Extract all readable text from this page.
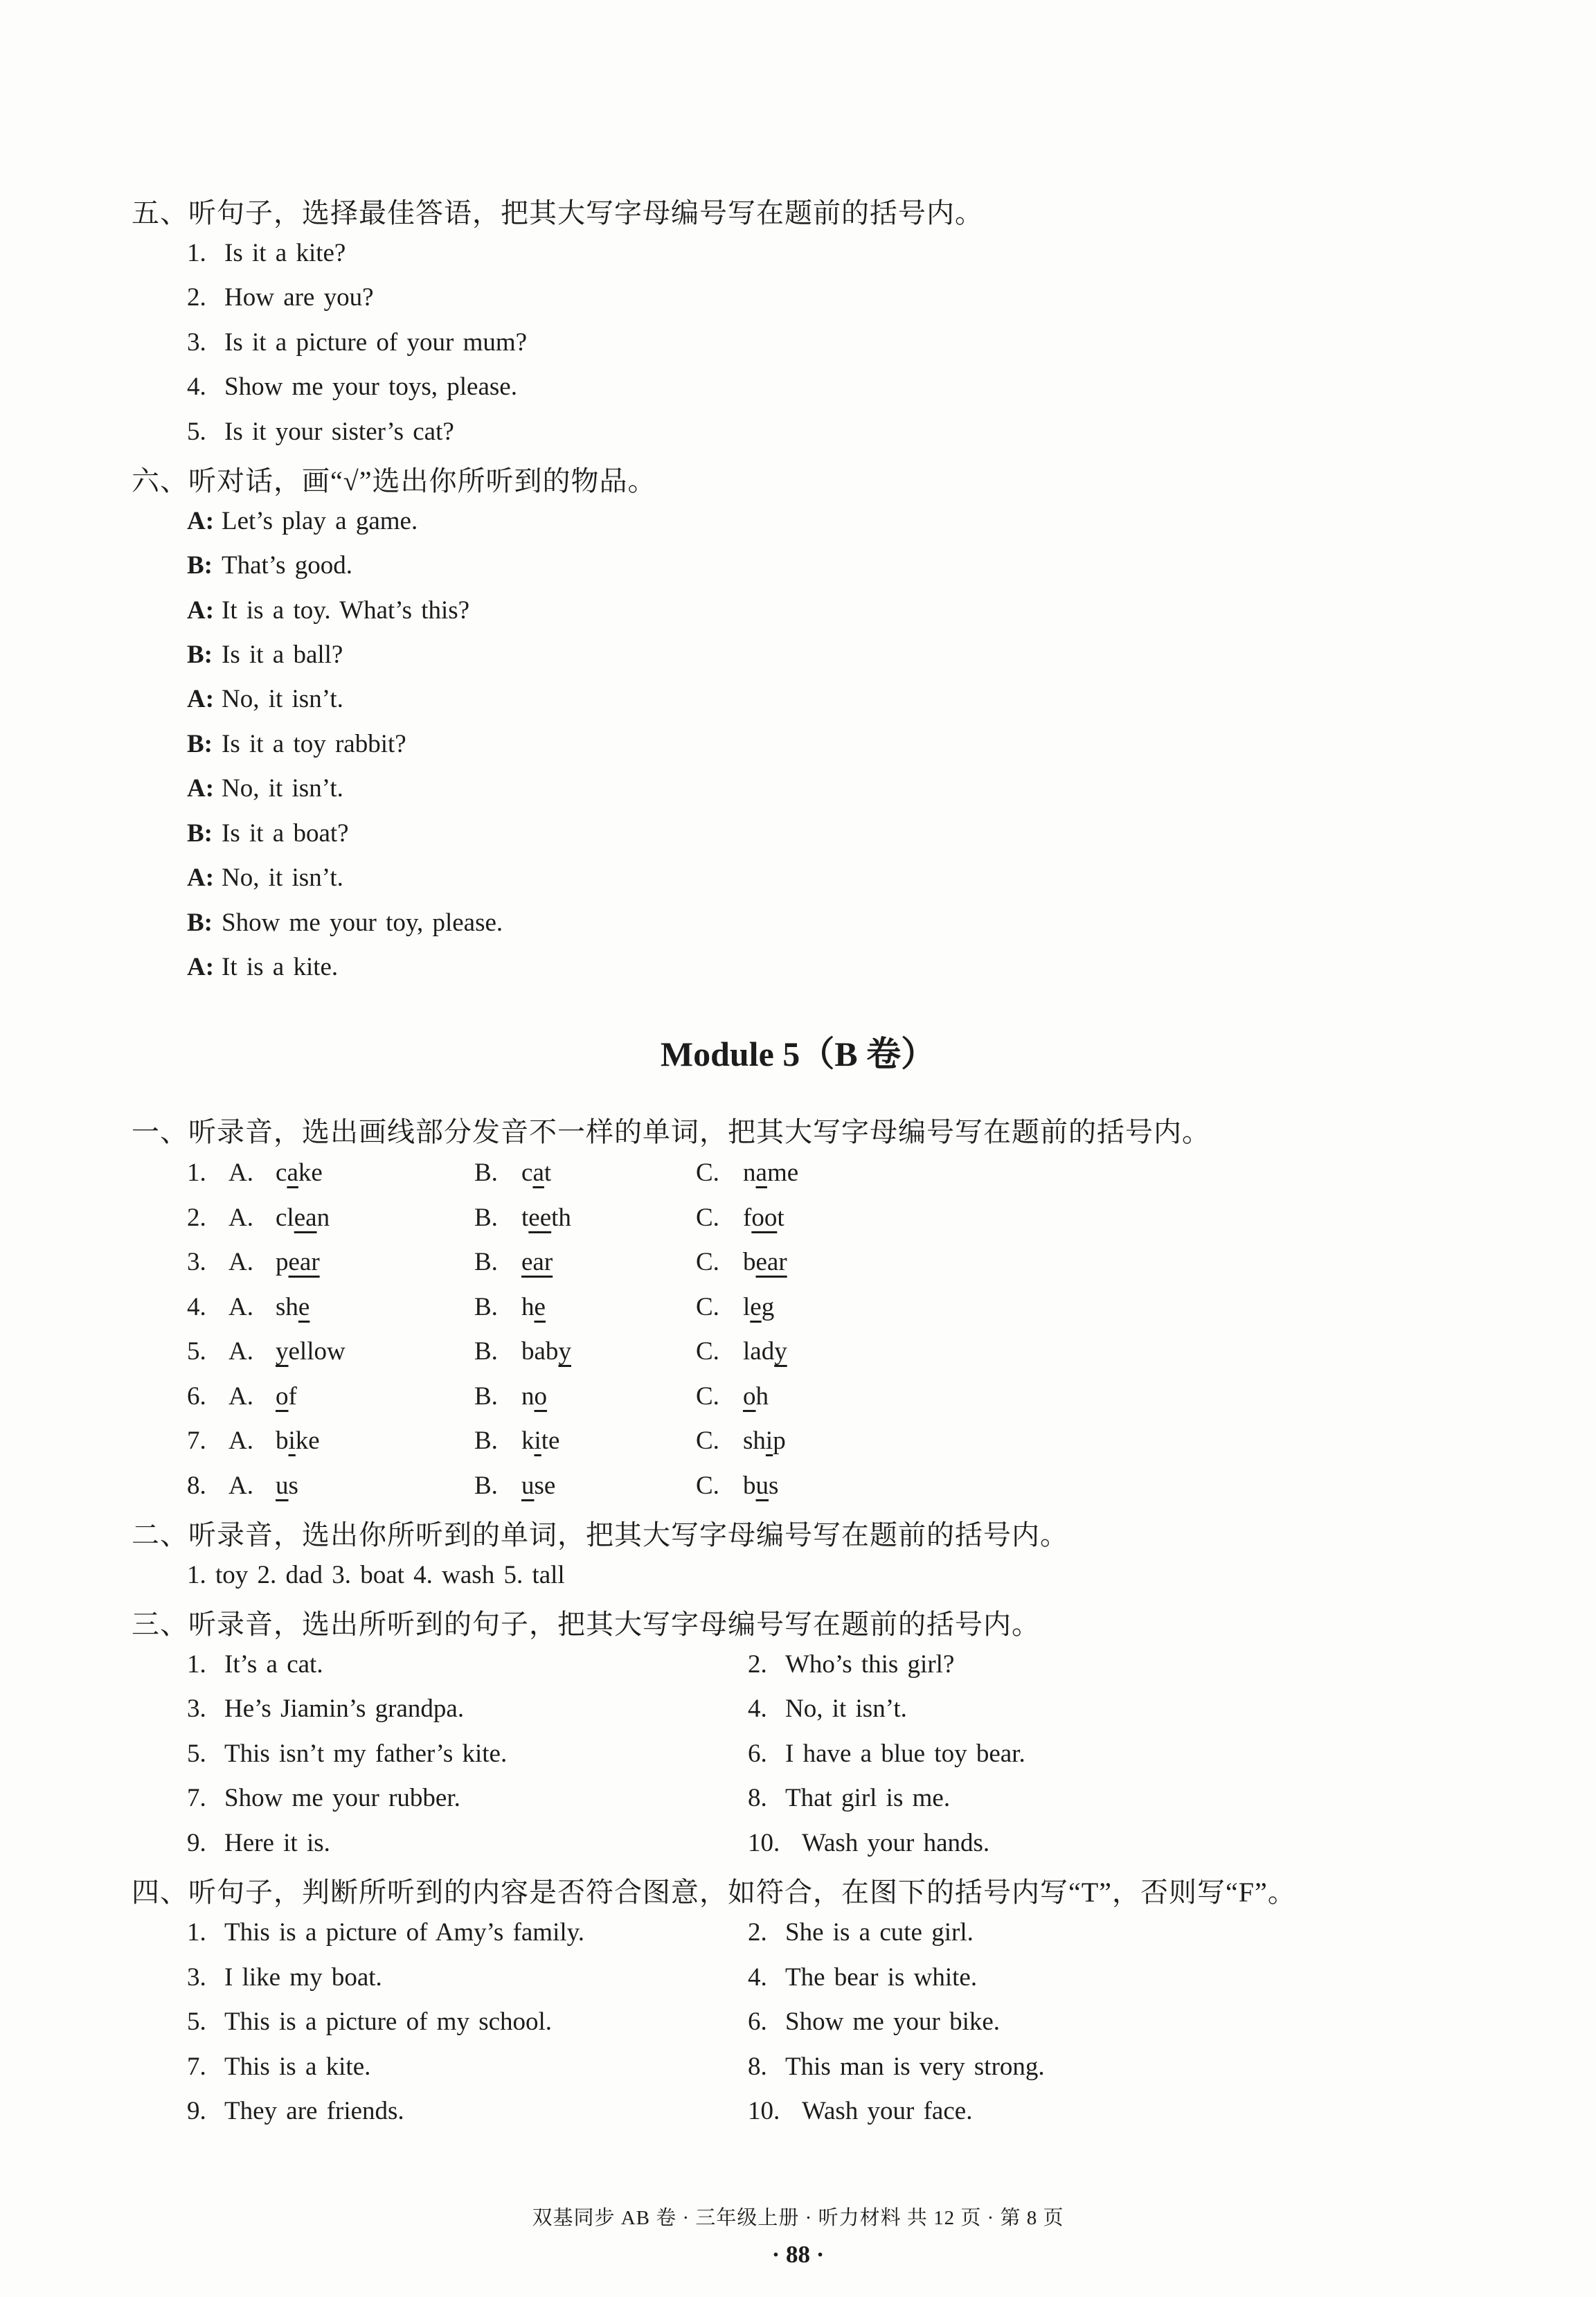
五、听句子，选择最佳答语，把其大写字母编号写在题前的括号内。
1. Is it a kite?
2. How are you?
3. Is it a picture of your mum?
4. Show me your toys, please.
5. Is it your sister’s cat?
六、听对话，画“√”选出你所听到的物品。
A: Let’s play a game.
B: That’s good.
A: It is a toy. What’s this?
B: Is it a ball?
A: No, it isn’t.
B: Is it a toy rabbit?
A: No, it isn’t.
B: Is it a boat?
A: No, it isn’t.
B: Show me your toy, please.
A: It is a kite.
Module 5（B 卷）
一、听录音，选出画线部分发音不一样的单词，把其大写字母编号写在题前的括号内。
1. A. cake	B. cat	C. name
2. A. clean	B. teeth	C. foot
3. A. pear	B. ear	C. bear
4. A. she	B. he	C. leg
5. A. yellow	B. baby	C. lady
6. A. of	B. no	C. oh
7. A. bike	B. kite	C. ship
8. A. us	B. use	C. bus
二、听录音，选出你所听到的单词，把其大写字母编号写在题前的括号内。
1. toy 2. dad 3. boat 4. wash 5. tall
三、听录音，选出所听到的句子，把其大写字母编号写在题前的括号内。
1. It’s a cat.	2. Who’s this girl?
3. He’s Jiamin’s grandpa.	4. No, it isn’t.
5. This isn’t my father’s kite.	6. I have a blue toy bear.
7. Show me your rubber.	8. That girl is me.
9. Here it is.	10. Wash your hands.
四、听句子，判断所听到的内容是否符合图意，如符合，在图下的括号内写“T”，否则写“F”。
1. This is a picture of Amy’s family.	2. She is a cute girl.
3. I like my boat.	4. The bear is white.
5. This is a picture of my school.	6. Show me your bike.
7. This is a kite.	8. This man is very strong.
9. They are friends.	10. Wash your face.
双基同步 AB 卷 · 三年级上册 · 听力材料 共 12 页 · 第 8 页
· 88 ·
